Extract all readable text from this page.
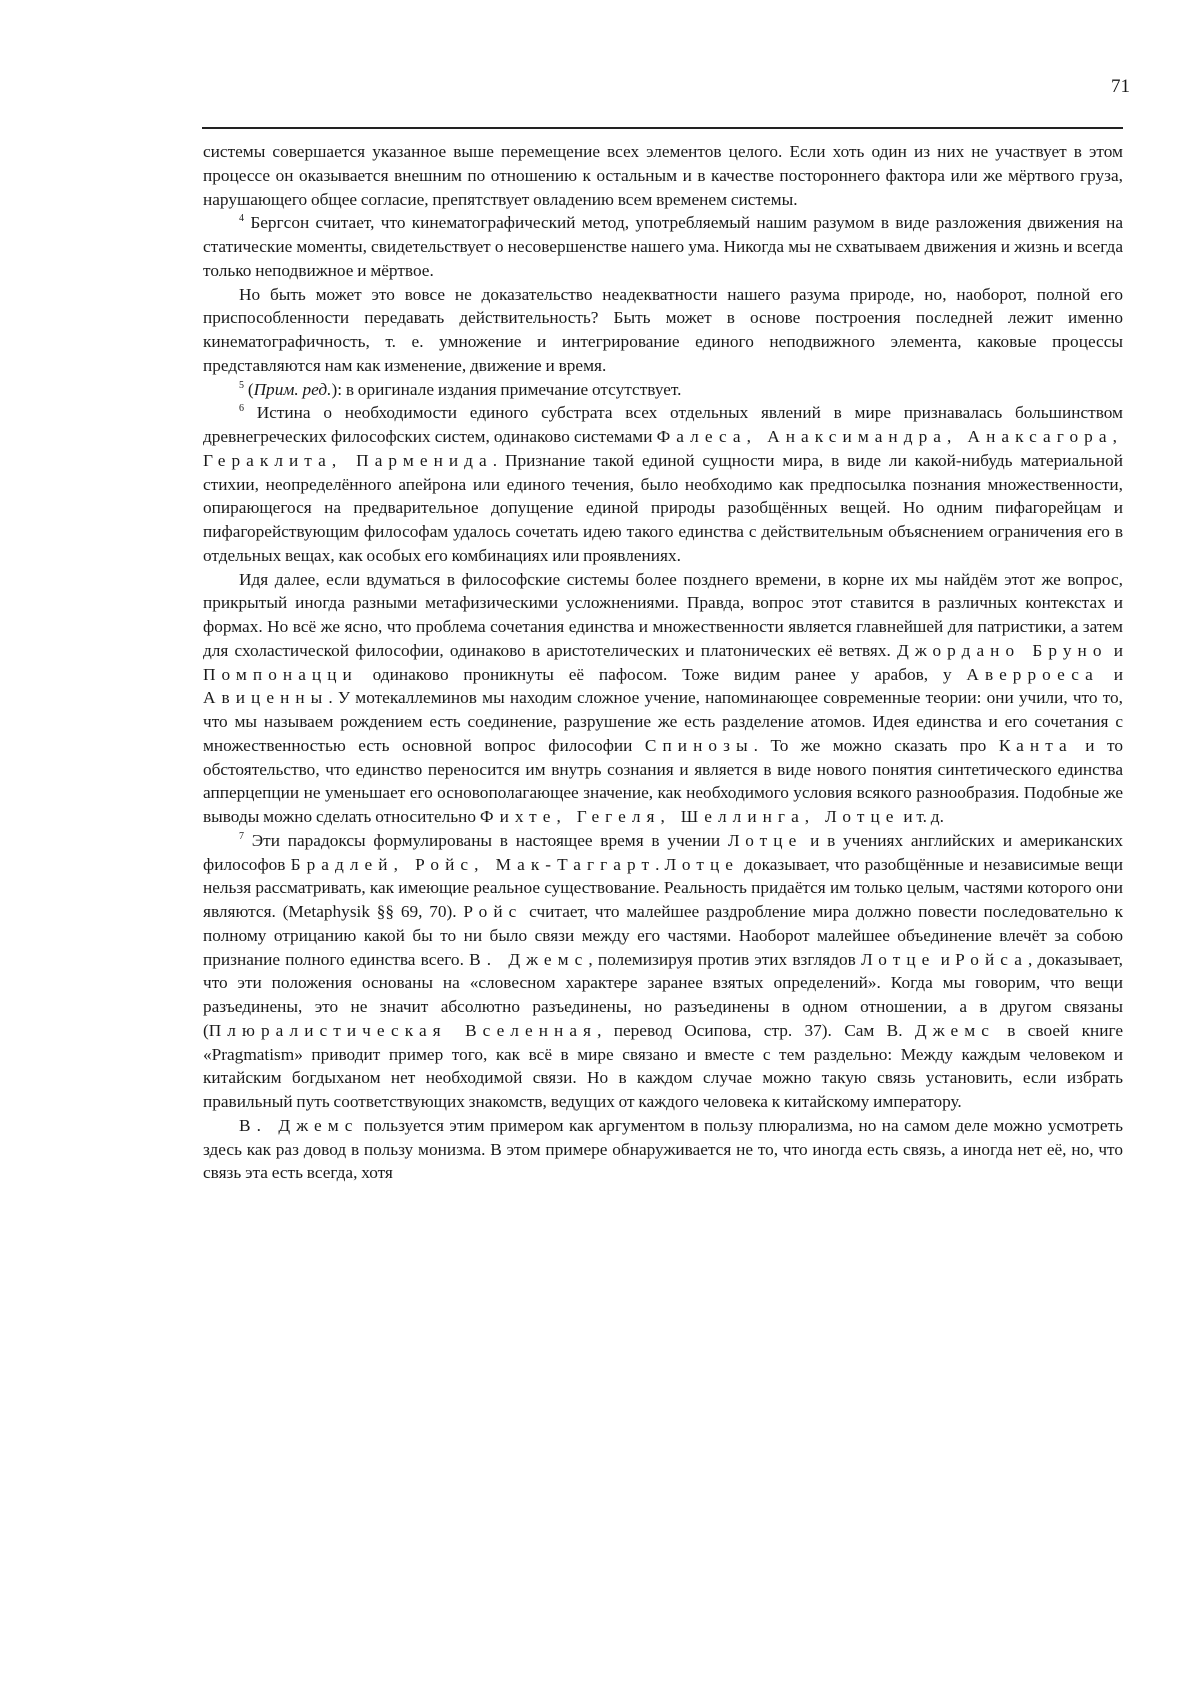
71

системы совершается указанное выше перемещение всех элементов целого. Если хоть один из них не участвует в этом процессе он оказывается внешним по отношению к остальным и в качестве постороннего фактора или же мёртвого груза, нарушающего общее согласие, препятствует овладению всем временем системы.

$^4$ Бергсон считает, что кинематографический метод, употребляемый нашим разумом в виде разложения движения на статические моменты, свидетельствует о несовершенстве нашего ума. Никогда мы не схватываем движения и жизнь и всегда только неподвижное и мёртвое.

Но быть может это вовсе не доказательство неадекватности нашего разума природе, но, наоборот, полной его приспособленности передавать действительность? Быть может в основе построения последней лежит именно кинематографичность, т. е. умножение и интегрирование единого неподвижного элемента, каковые процессы представляются нам как изменение, движение и время.

$^5$ (Прим. ред.): в оригинале издания примечание отсутствует.

$^6$ Истина о необходимости единого субстрата всех отдельных явлений в мире признавалась большинством древнегреческих философских систем, одинаково системами Фалеса, Анаксимандра, Анаксагора, Гераклита, Парменида. Признание такой единой сущности мира, в виде ли какой-нибудь материальной стихии, неопределённого апейрона или единого течения, было необходимо как предпосылка познания множественности, опирающегося на предварительное допущение единой природы разобщённых вещей. Но одним пифагорейцам и пифагорействующим философам удалось сочетать идею такого единства с действительным объяснением ограничения его в отдельных вещах, как особых его комбинациях или проявлениях.

Идя далее, если вдуматься в философские системы более позднего времени, в корне их мы найдём этот же вопрос, прикрытый иногда разными метафизическими усложнениями. Правда, вопрос этот ставится в различных контекстах и формах. Но всё же ясно, что проблема сочетания единства и множественности является главнейшей для патристики, а затем для схоластической философии, одинаково в аристотелических и платонических её ветвях. Джордано Бруно и Помпонацци одинаково проникнуты её пафосом. Тоже видим ранее у арабов, у Аверроеса и Авиценны. У мотекаллеминов мы находим сложное учение, напоминающее современные теории: они учили, что то, что мы называем рождением есть соединение, разрушение же есть разделение атомов. Идея единства и его сочетания с множественностью есть основной вопрос философии Спинозы. То же можно сказать про Канта и то обстоятельство, что единство переносится им внутрь сознания и является в виде нового понятия синтетического единства апперцепции не уменьшает его основополагающее значение, как необходимого условия всякого разнообразия. Подобные же выводы можно сделать относительно Фихте, Гегеля, Шеллинга, Лотце и т. д.

$^7$ Эти парадоксы формулированы в настоящее время в учении Лотце и в учениях английских и американских философов Брадлей, Ройс, Мак-Таггарт. Лотце доказывает, что разобщённые и независимые вещи нельзя рассматривать, как имеющие реальное существование. Реальность придаётся им только целым, частями которого они являются. (Metaphysik §§ 69, 70). Ройс считает, что малейшее раздробление мира должно повести последовательно к полному отрицанию какой бы то ни было связи между его частями. Наоборот малейшее объединение влечёт за собою признание полного единства всего. В. Джемс, полемизируя против этих взглядов Лотце и Ройса, доказывает, что эти положения основаны на «словесном характере заранее взятых определений». Когда мы говорим, что вещи разъединены, это не значит абсолютно разъединены, но разъединены в одном отношении, а в другом связаны (Плюралистическая Вселенная, перевод Осипова, стр. 37). Сам В. Джемс в своей книге «Pragmatism» приводит пример того, как всё в мире связано и вместе с тем раздельно: Между каждым человеком и китайским богдыханом нет необходимой связи. Но в каждом случае можно такую связь установить, если избрать правильный путь соответствующих знакомств, ведущих от каждого человека к китайскому императору.

В. Джемс пользуется этим примером как аргументом в пользу плюрализма, но на самом деле можно усмотреть здесь как раз довод в пользу монизма. В этом примере обнаруживается не то, что иногда есть связь, а иногда нет её, но, что связь эта есть всегда, хотя
